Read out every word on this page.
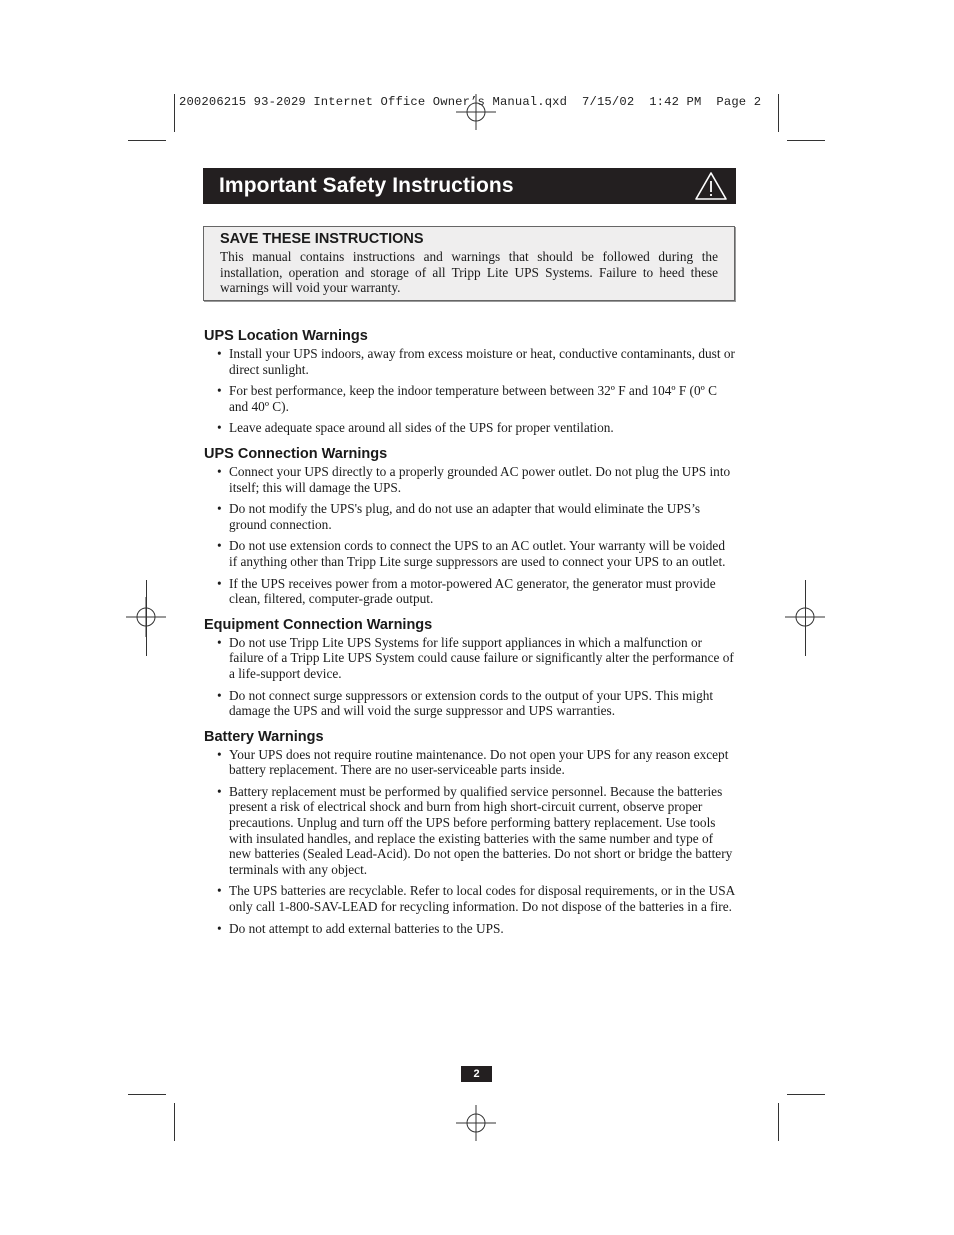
200206215 93-2029 Internet Office Owner’s Manual.qxd  7/15/02  1:42 PM  Page 2
Important Safety Instructions

SAVE THESE INSTRUCTIONS

This manual contains instructions and warnings that should be followed during the installation, operation and storage of all Tripp Lite UPS Systems. Failure to heed these warnings will void your warranty.

UPS Location Warnings

• Install your UPS indoors, away from excess moisture or heat, conductive contaminants, dust or direct sunlight.
• For best performance, keep the indoor temperature between between 32º F and 104º F (0º C and 40º C).
• Leave adequate space around all sides of the UPS for proper ventilation.

UPS Connection Warnings

• Connect your UPS directly to a properly grounded AC power outlet. Do not plug the UPS into itself; this will damage the UPS.
• Do not modify the UPS's plug, and do not use an adapter that would eliminate the UPS’s ground connection.
• Do not use extension cords to connect the UPS to an AC outlet. Your warranty will be voided if anything other than Tripp Lite surge suppressors are used to connect your UPS to an outlet.
• If the UPS receives power from a motor-powered AC generator, the generator must provide clean, filtered, computer-grade output.

Equipment Connection Warnings

• Do not use Tripp Lite UPS Systems for life support appliances in which a malfunction or failure of a Tripp Lite UPS System could cause failure or significantly alter the performance of a life-support device.
• Do not connect surge suppressors or extension cords to the output of your UPS. This might damage the UPS and will void the surge suppressor and UPS warranties.

Battery Warnings

• Your UPS does not require routine maintenance. Do not open your UPS for any reason except battery replacement. There are no user-serviceable parts inside.
• Battery replacement must be performed by qualified service personnel. Because the batteries present a risk of electrical shock and burn from high short-circuit current, observe proper precautions. Unplug and turn off the UPS before performing battery replacement. Use tools with insulated handles, and replace the existing batteries with the same number and type of new batteries (Sealed Lead-Acid). Do not open the batteries. Do not short or bridge the battery terminals with any object.
• The UPS batteries are recyclable. Refer to local codes for disposal requirements, or in the USA only call 1-800-SAV-LEAD for recycling information. Do not dispose of the batteries in a fire.
• Do not attempt to add external batteries to the UPS.
2
